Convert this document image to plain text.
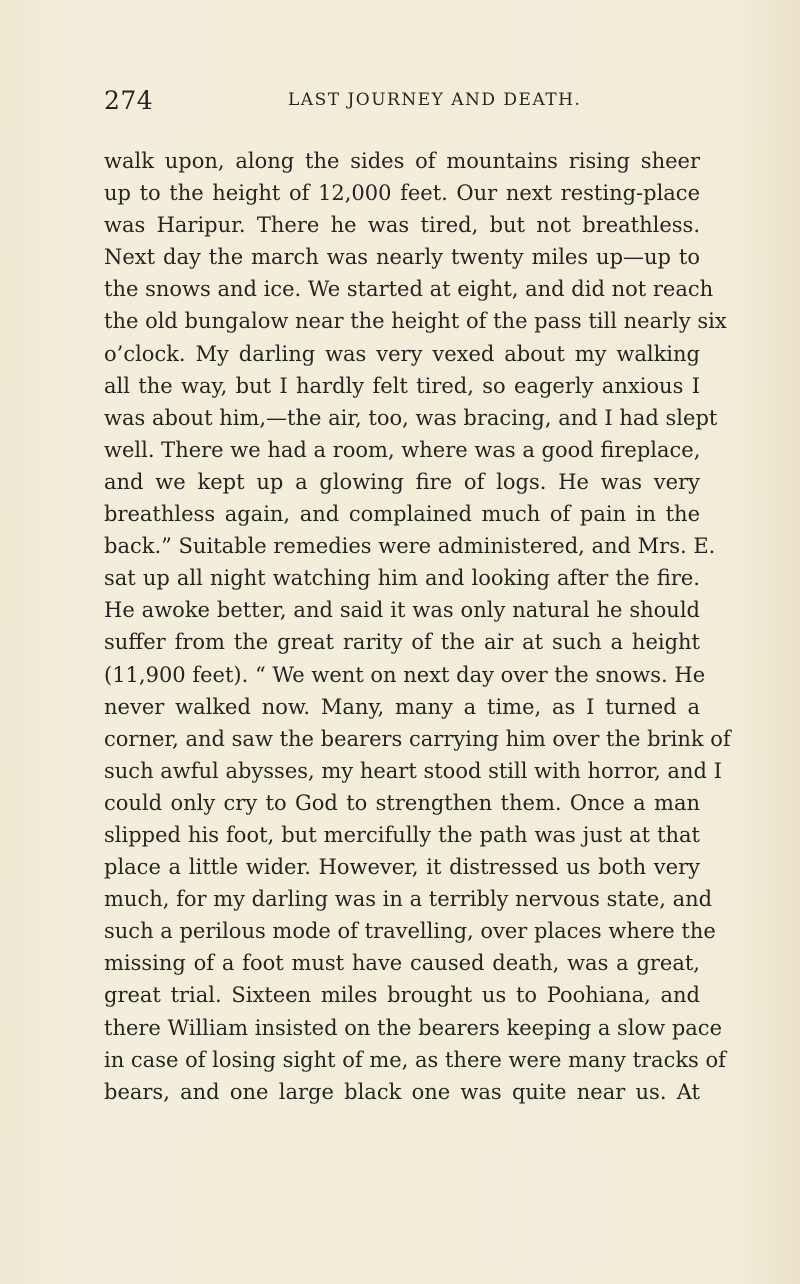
274	LAST JOURNEY AND DEATH.
walk upon, along the sides of mountains rising sheer
up to the height of 12,000 feet. Our next resting-place
was Haripur. There he was tired, but not breathless.
Next day the march was nearly twenty miles up—up to
the snows and ice. We started at eight, and did not reach
the old bungalow near the height of the pass till nearly six
o’clock. My darling was very vexed about my walking
all the way, but I hardly felt tired, so eagerly anxious I
was about him,—the air, too, was bracing, and I had slept
well. There we had a room, where was a good fireplace,
and we kept up a glowing fire of logs. He was very
breathless again, and complained much of pain in the
back.” Suitable remedies were administered, and Mrs. E.
sat up all night watching him and looking after the fire.
He awoke better, and said it was only natural he should
suffer from the great rarity of the air at such a height
(11,900 feet). “ We went on next day over the snows. He
never walked now. Many, many a time, as I turned a
corner, and saw the bearers carrying him over the brink of
such awful abysses, my heart stood still with horror, and I
could only cry to God to strengthen them. Once a man
slipped his foot, but mercifully the path was just at that
place a little wider. However, it distressed us both very
much, for my darling was in a terribly nervous state, and
such a perilous mode of travelling, over places where the
missing of a foot must have caused death, was a great,
great trial. Sixteen miles brought us to Poohiana, and
there William insisted on the bearers keeping a slow pace
in case of losing sight of me, as there were many tracks of
bears, and one large black one was quite near us. At
